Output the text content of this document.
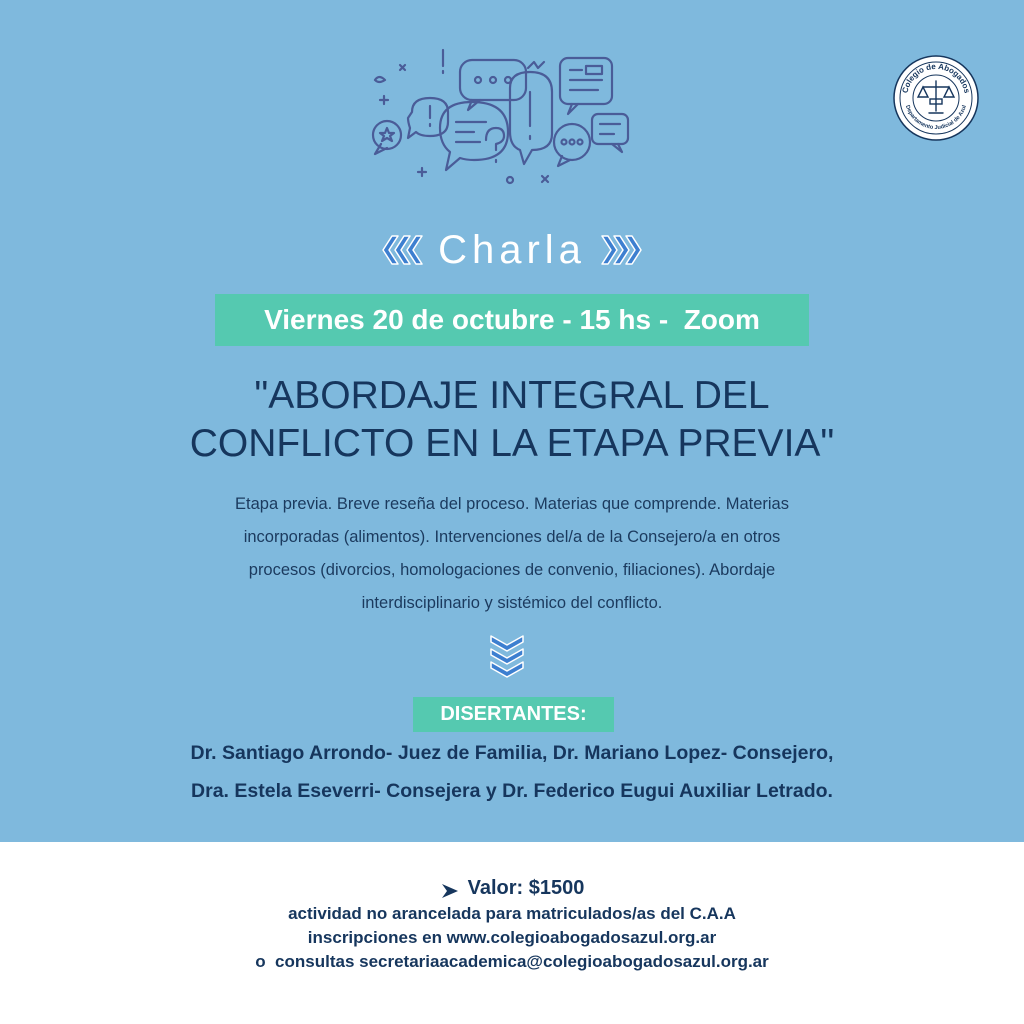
Colegio de Abogados
Departamento Judicial de Azul
Charla
Viernes 20 de octubre - 15 hs -  Zoom
"ABORDAJE INTEGRAL DEL
CONFLICTO EN LA ETAPA PREVIA"
Etapa previa. Breve reseña del proceso. Materias que comprende. Materias
incorporadas (alimentos). Intervenciones del/a de la Consejero/a en otros
procesos (divorcios, homologaciones de convenio, filiaciones). Abordaje
interdisciplinario y sistémico del conflicto.
DISERTANTES:
Dr. Santiago Arrondo- Juez de Familia, Dr. Mariano Lopez- Consejero,
Dra. Estela Eseverri- Consejera y Dr. Federico Eugui Auxiliar Letrado.
Valor: $1500
actividad no arancelada para matriculados/as del C.A.A
inscripciones en www.colegioabogadosazul.org.ar
o  consultas secretariaacademica@colegioabogadosazul.org.ar
